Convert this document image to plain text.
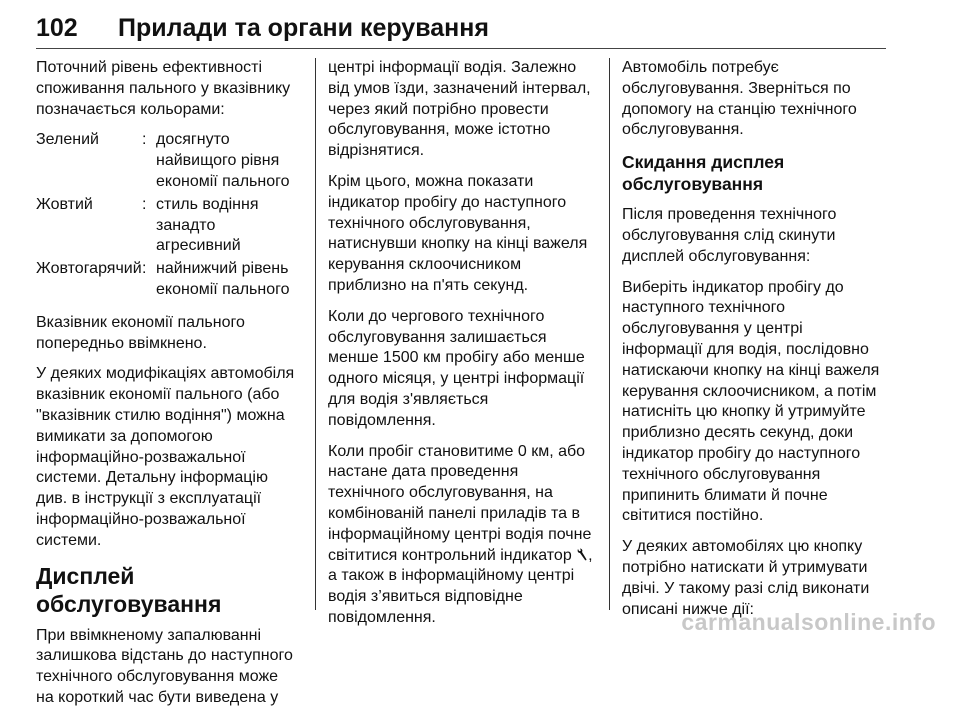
102 Прилади та органи керування

Поточний рівень ефективності
споживання пального у вказівнику
позначається кольорами:

Зелений	: досягнуто
найвищого рівня
економії пального
Жовтий	: стиль водіння
занадто
агресивний
Жовтогарячий : найнижчий рівень
економії пального

Вказівник економії пального
попередньо ввімкнено.

У деяких модифікаціях автомобіля
вказівник економії пального (або
"вказівник стилю водіння") можна
вимикати за допомогою
інформаційно-розважальної
системи. Детальну інформацію
див. в інструкції з експлуатації
інформаційно-розважальної
системи.

Дисплей обслуговування

При ввімкненому запалюванні
залишкова відстань до наступного
технічного обслуговування може
на короткий час бути виведена у

центрі інформації водія. Залежно
від умов їзди, зазначений інтервал,
через який потрібно провести
обслуговування, може істотно
відрізнятися.

Крім цього, можна показати
індикатор пробігу до наступного
технічного обслуговування,
натиснувши кнопку на кінці важеля
керування склоочисником
приблизно на п'ять секунд.

Коли до чергового технічного
обслуговування залишається
менше 1500 км пробігу або менше
одного місяця, у центрі інформації
для водія з'являється
повідомлення.

Коли пробіг становитиме 0 км, або
настане дата проведення
технічного обслуговування, на
комбінованій панелі приладів та в
інформаційному центрі водія почне
світитися контрольний індикатор ,
а також в інформаційному центрі
водія з’явиться відповідне
повідомлення.

Автомобіль потребує
обслуговування. Зверніться по
допомогу на станцію технічного
обслуговування.

Скидання дисплея
обслуговування

Після проведення технічного
обслуговування слід скинути
дисплей обслуговування:

Виберіть індикатор пробігу до
наступного технічного
обслуговування у центрі
інформації для водія, послідовно
натискаючи кнопку на кінці важеля
керування склоочисником, а потім
натисніть цю кнопку й утримуйте
приблизно десять секунд, доки
індикатор пробігу до наступного
технічного обслуговування
припинить блимати й почне
світитися постійно.

У деяких автомобілях цю кнопку
потрібно натискати й утримувати
двічі. У такому разі слід виконати
описані нижче дії:

carmanualsonline.info
